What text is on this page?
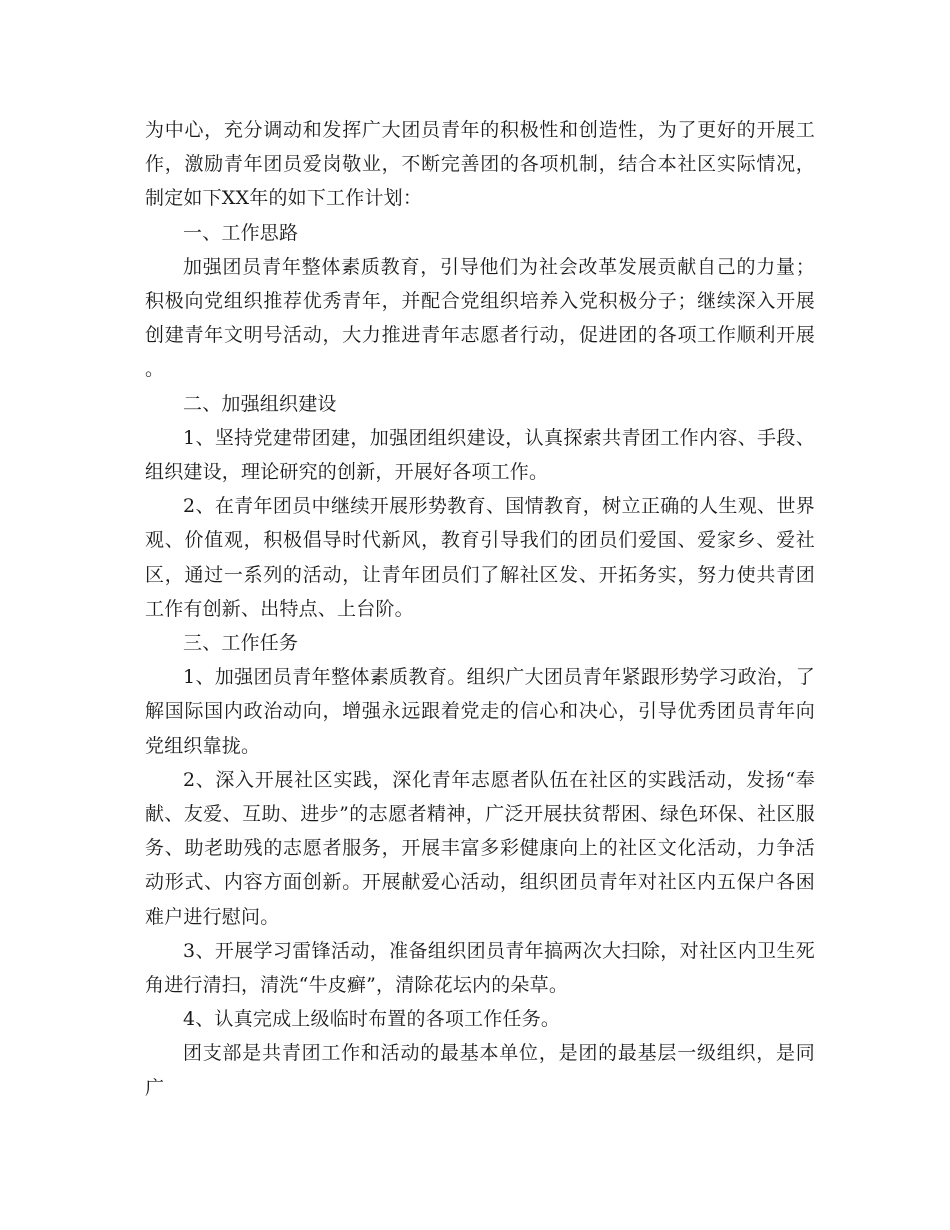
为中心，充分调动和发挥广大团员青年的积极性和创造性，为了更好的开展工作，激励青年团员爱岗敬业，不断完善团的各项机制，结合本社区实际情况，制定如下XX年的如下工作计划：

一、工作思路

加强团员青年整体素质教育，引导他们为社会改革发展贡献自己的力量；积极向党组织推荐优秀青年，并配合党组织培养入党积极分子；继续深入开展创建青年文明号活动，大力推进青年志愿者行动，促进团的各项工作顺利开展。

二、加强组织建设

1、坚持党建带团建，加强团组织建设，认真探索共青团工作内容、手段、组织建设，理论研究的创新，开展好各项工作。

2、在青年团员中继续开展形势教育、国情教育，树立正确的人生观、世界观、价值观，积极倡导时代新风，教育引导我们的团员们爱国、爱家乡、爱社区，通过一系列的活动，让青年团员们了解社区发、开拓务实，努力使共青团工作有创新、出特点、上台阶。

三、工作任务

1、加强团员青年整体素质教育。组织广大团员青年紧跟形势学习政治，了解国际国内政治动向，增强永远跟着党走的信心和决心，引导优秀团员青年向党组织靠拢。

2、深入开展社区实践，深化青年志愿者队伍在社区的实践活动，发扬“奉献、友爱、互助、进步”的志愿者精神，广泛开展扶贫帮困、绿色环保、社区服务、助老助残的志愿者服务，开展丰富多彩健康向上的社区文化活动，力争活动形式、内容方面创新。开展献爱心活动，组织团员青年对社区内五保户各困难户进行慰问。

3、开展学习雷锋活动，准备组织团员青年搞两次大扫除，对社区内卫生死角进行清扫，清洗“牛皮癣”，清除花坛内的朵草。

4、认真完成上级临时布置的各项工作任务。

团支部是共青团工作和活动的最基本单位，是团的最基层一级组织，是同广
